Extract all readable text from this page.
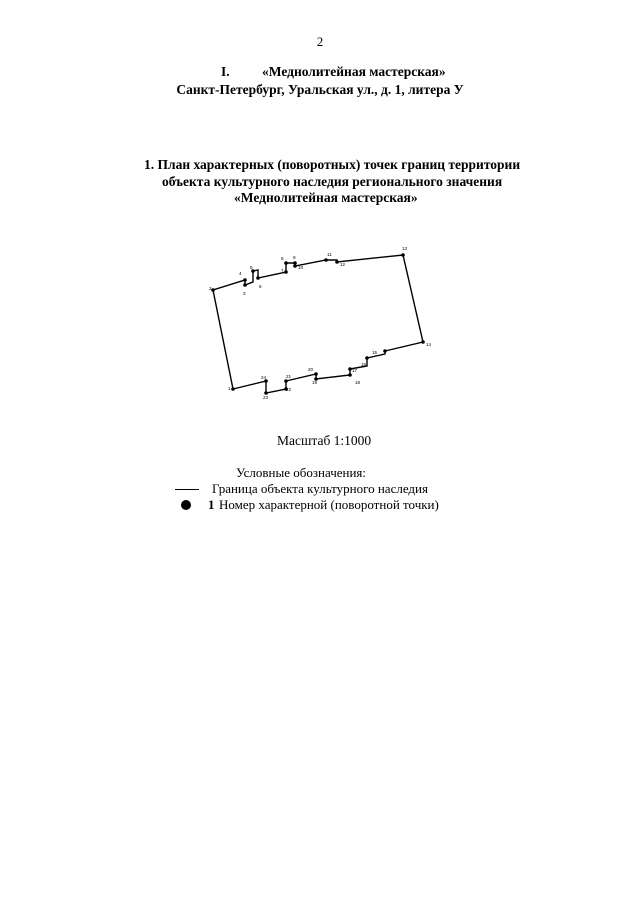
2
I. «Меднолитейная мастерская»
Санкт-Петербург, Уральская ул., д. 1, литера У
1. План характерных (поворотных) точек границ территории
объекта культурного наследия регионального значения
«Меднолитейная мастерская»
1
2
3
4
5
6
7
8 9
10
11
12
13
14
15
16
17
18
19
20
21
22
23
24
Масштаб 1:1000
Условные обозначения:
Граница объекта культурного наследия
1 Номер характерной (поворотной точки)
